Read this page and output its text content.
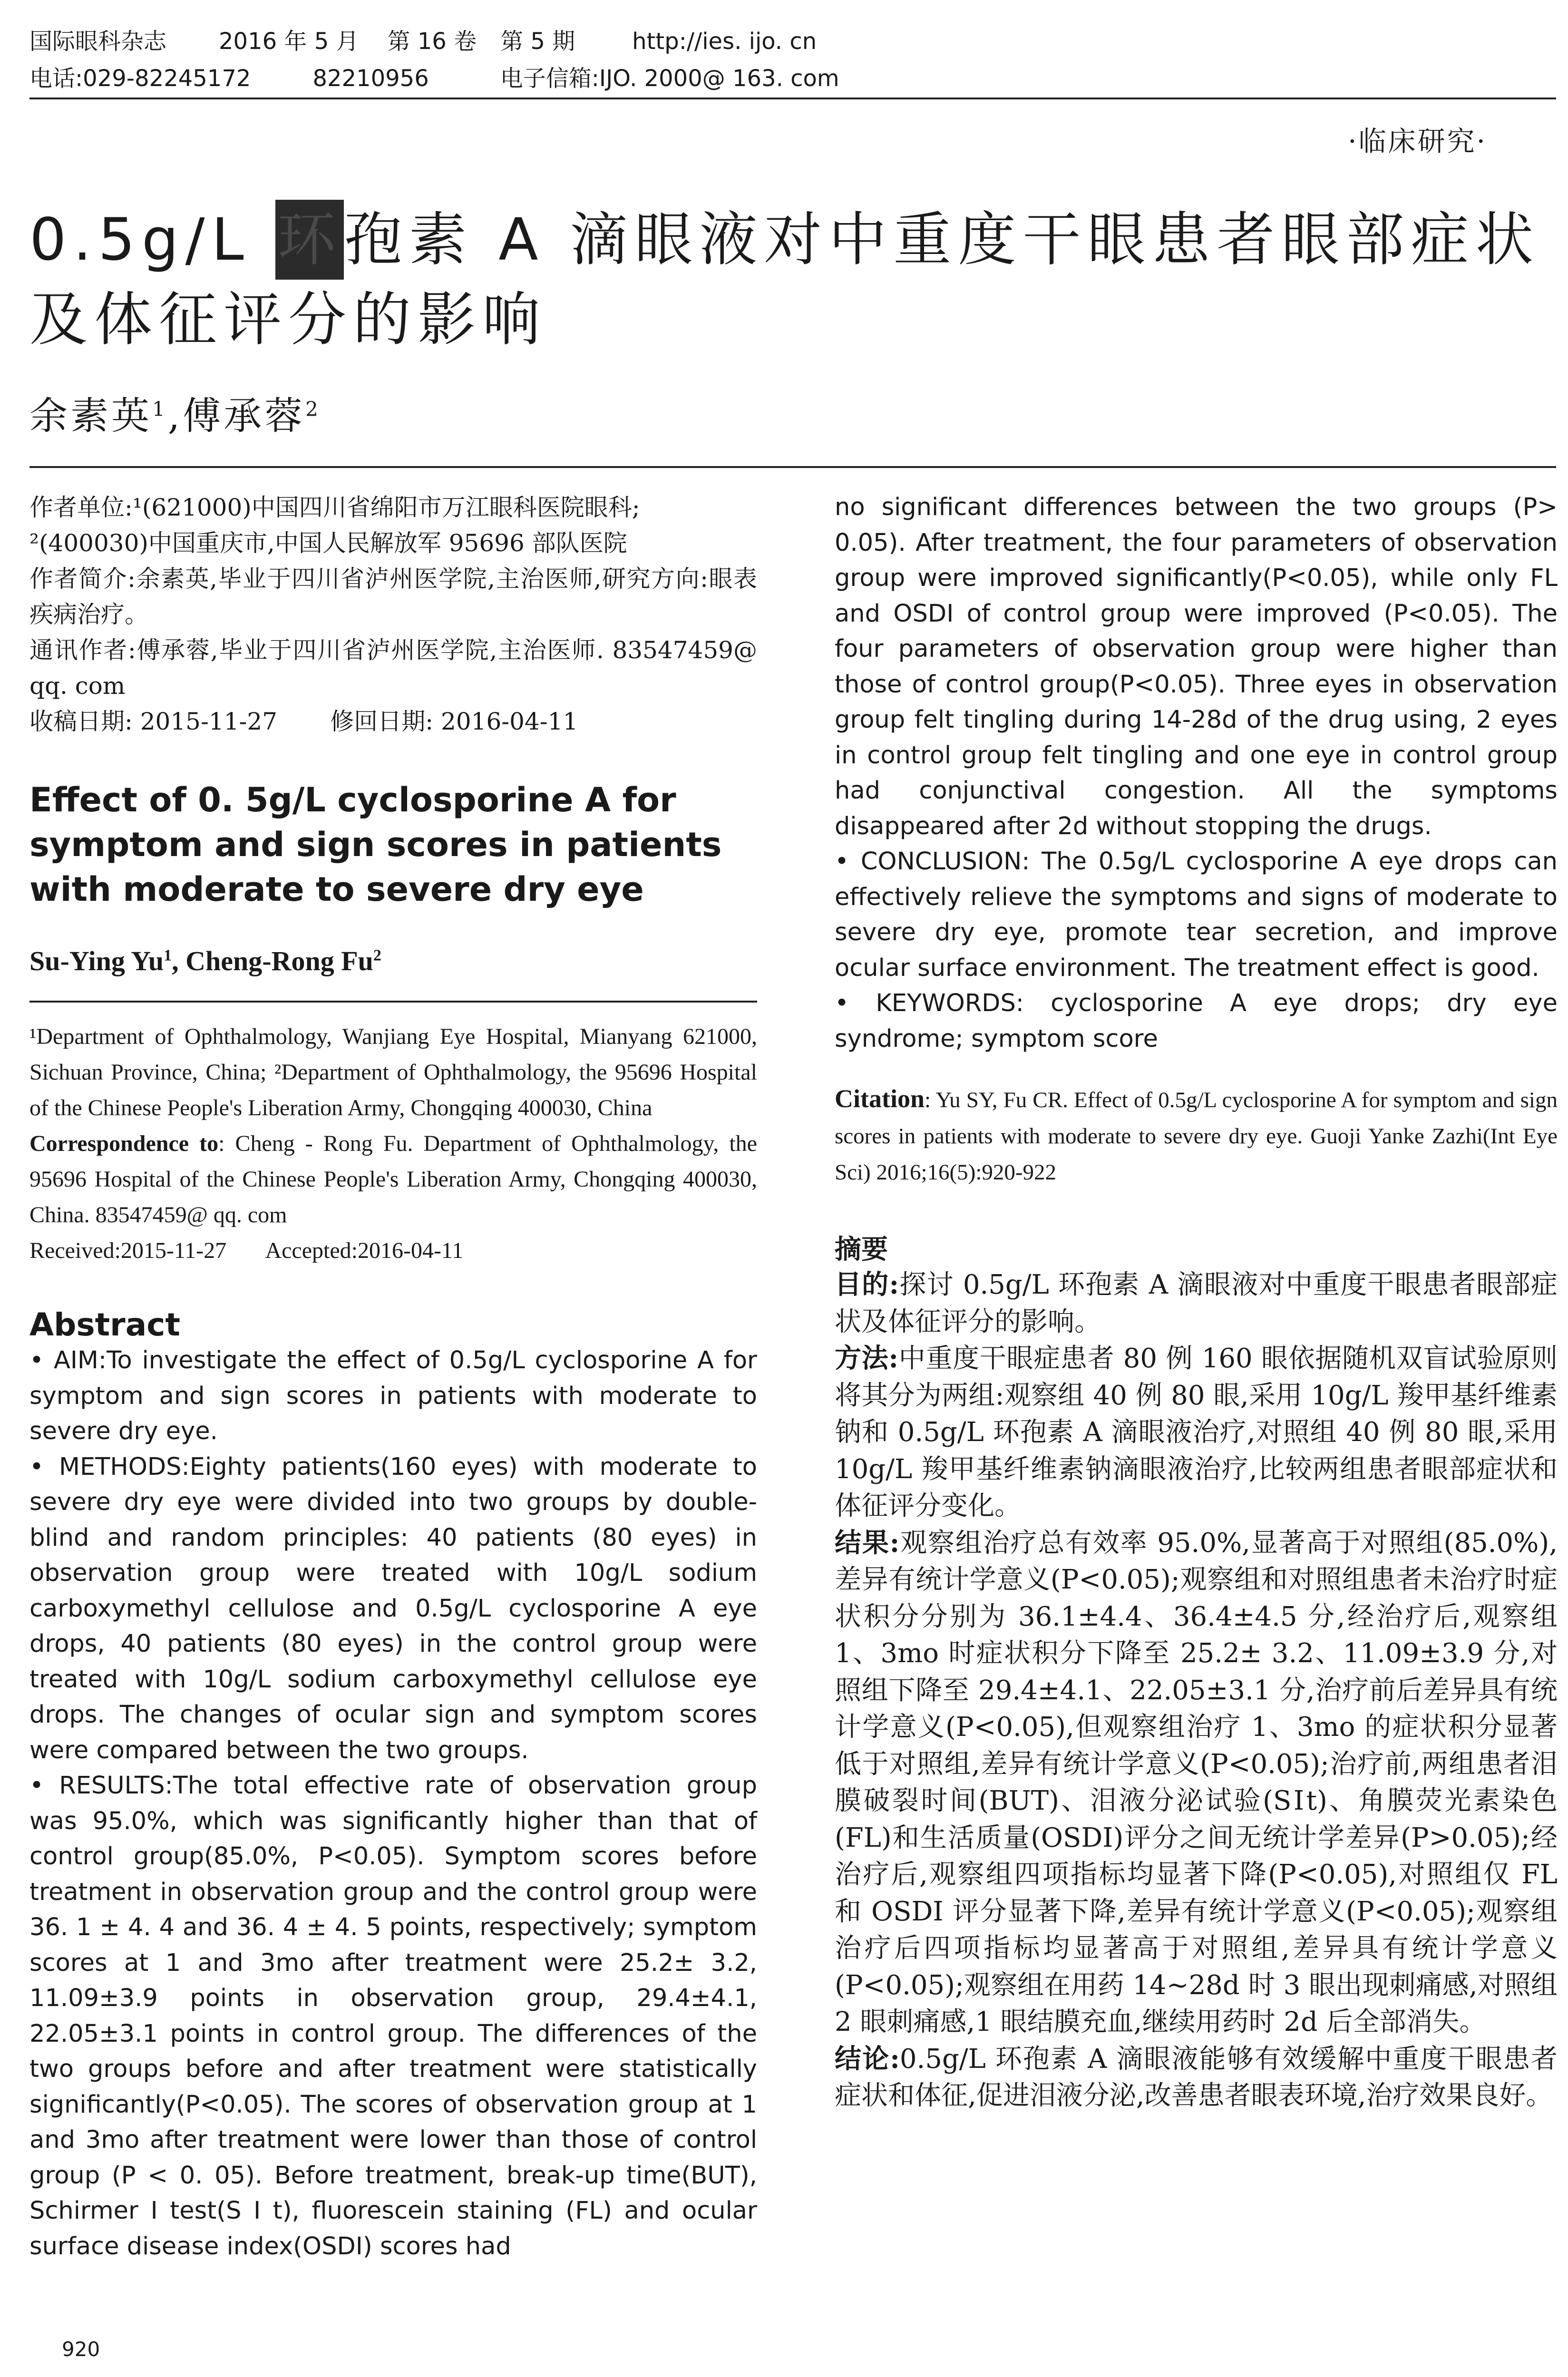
国际眼科杂志 2016 年 5 月 第 16 卷 第 5 期	http://ies. ijo. cn
电话:029-82245172	82210956	电子信箱:IJO. 2000@ 163. com
·临床研究·
0.5g/L 环孢素 A 滴眼液对中重度干眼患者眼部症状及体征评分的影响
余素英$^1$,傅承蓉$^2$

作者单位:¹(621000)中国四川省绵阳市万江眼科医院眼科;

²(400030)中国重庆市,中国人民解放军 95696 部队医院

作者简介:余素英,毕业于四川省泸州医学院,主治医师,研究方向:眼表疾病治疗。

通讯作者:傅承蓉,毕业于四川省泸州医学院,主治医师. 83547459@ qq. com

收稿日期: 2015-11-27       修回日期: 2016-04-11

Effect of 0. 5g/L cyclosporine A for symptom and sign scores in patients with moderate to severe dry eye
Su-Ying Yu$^1$, Cheng-Rong Fu$^2$

¹Department of Ophthalmology, Wanjiang Eye Hospital, Mianyang 621000, Sichuan Province, China; ²Department of Ophthalmology, the 95696 Hospital of the Chinese People's Liberation Army, Chongqing 400030, China

Correspondence to: Cheng - Rong Fu. Department of Ophthalmology, the 95696 Hospital of the Chinese People's Liberation Army, Chongqing 400030, China. 83547459@ qq. com

Received:2015-11-27       Accepted:2016-04-11

Abstract

• AIM:To investigate the effect of 0.5g/L cyclosporine A for symptom and sign scores in patients with moderate to severe dry eye.

• METHODS:Eighty patients(160 eyes) with moderate to severe dry eye were divided into two groups by double-blind and random principles: 40 patients (80 eyes) in observation group were treated with 10g/L sodium carboxymethyl cellulose and 0.5g/L cyclosporine A eye drops, 40 patients (80 eyes) in the control group were treated with 10g/L sodium carboxymethyl cellulose eye drops. The changes of ocular sign and symptom scores were compared between the two groups.

• RESULTS:The total effective rate of observation group was 95.0%, which was significantly higher than that of control group(85.0%, P<0.05). Symptom scores before treatment in observation group and the control group were 36. 1 ± 4. 4 and 36. 4 ± 4. 5 points, respectively; symptom scores at 1 and 3mo after treatment were 25.2± 3.2, 11.09±3.9 points in observation group, 29.4±4.1, 22.05±3.1 points in control group. The differences of the two groups before and after treatment were statistically significantly(P<0.05). The scores of observation group at 1 and 3mo after treatment were lower than those of control group (P < 0. 05). Before treatment, break-up time(BUT), Schirmer I test(S I t), fluorescein staining (FL) and ocular surface disease index(OSDI) scores had

no significant differences between the two groups (P> 0.05). After treatment, the four parameters of observation group were improved significantly(P<0.05), while only FL and OSDI of control group were improved (P<0.05). The four parameters of observation group were higher than those of control group(P<0.05). Three eyes in observation group felt tingling during 14-28d of the drug using, 2 eyes in control group felt tingling and one eye in control group had conjunctival congestion. All the symptoms disappeared after 2d without stopping the drugs.

• CONCLUSION: The 0.5g/L cyclosporine A eye drops can effectively relieve the symptoms and signs of moderate to severe dry eye, promote tear secretion, and improve ocular surface environment. The treatment effect is good.

• KEYWORDS: cyclosporine A eye drops; dry eye syndrome; symptom score

Citation: Yu SY, Fu CR. Effect of 0.5g/L cyclosporine A for symptom and sign scores in patients with moderate to severe dry eye. Guoji Yanke Zazhi(Int Eye Sci) 2016;16(5):920-922
摘要

目的:探讨 0.5g/L 环孢素 A 滴眼液对中重度干眼患者眼部症状及体征评分的影响。

方法:中重度干眼症患者 80 例 160 眼依据随机双盲试验原则将其分为两组:观察组 40 例 80 眼,采用 10g/L 羧甲基纤维素钠和 0.5g/L 环孢素 A 滴眼液治疗,对照组 40 例 80 眼,采用 10g/L 羧甲基纤维素钠滴眼液治疗,比较两组患者眼部症状和体征评分变化。

结果:观察组治疗总有效率 95.0%,显著高于对照组(85.0%),差异有统计学意义(P<0.05);观察组和对照组患者未治疗时症状积分分别为 36.1±4.4、36.4±4.5 分,经治疗后,观察组 1、3mo 时症状积分下降至 25.2± 3.2、11.09±3.9 分,对照组下降至 29.4±4.1、22.05±3.1 分,治疗前后差异具有统计学意义(P<0.05),但观察组治疗 1、3mo 的症状积分显著低于对照组,差异有统计学意义(P<0.05);治疗前,两组患者泪膜破裂时间(BUT)、泪液分泌试验(SⅠt)、角膜荧光素染色(FL)和生活质量(OSDI)评分之间无统计学差异(P>0.05);经治疗后,观察组四项指标均显著下降(P<0.05),对照组仅 FL 和 OSDI 评分显著下降,差异有统计学意义(P<0.05);观察组治疗后四项指标均显著高于对照组,差异具有统计学意义(P<0.05);观察组在用药 14~28d 时 3 眼出现刺痛感,对照组 2 眼刺痛感,1 眼结膜充血,继续用药时 2d 后全部消失。

结论:0.5g/L 环孢素 A 滴眼液能够有效缓解中重度干眼患者症状和体征,促进泪液分泌,改善患者眼表环境,治疗效果良好。

920
